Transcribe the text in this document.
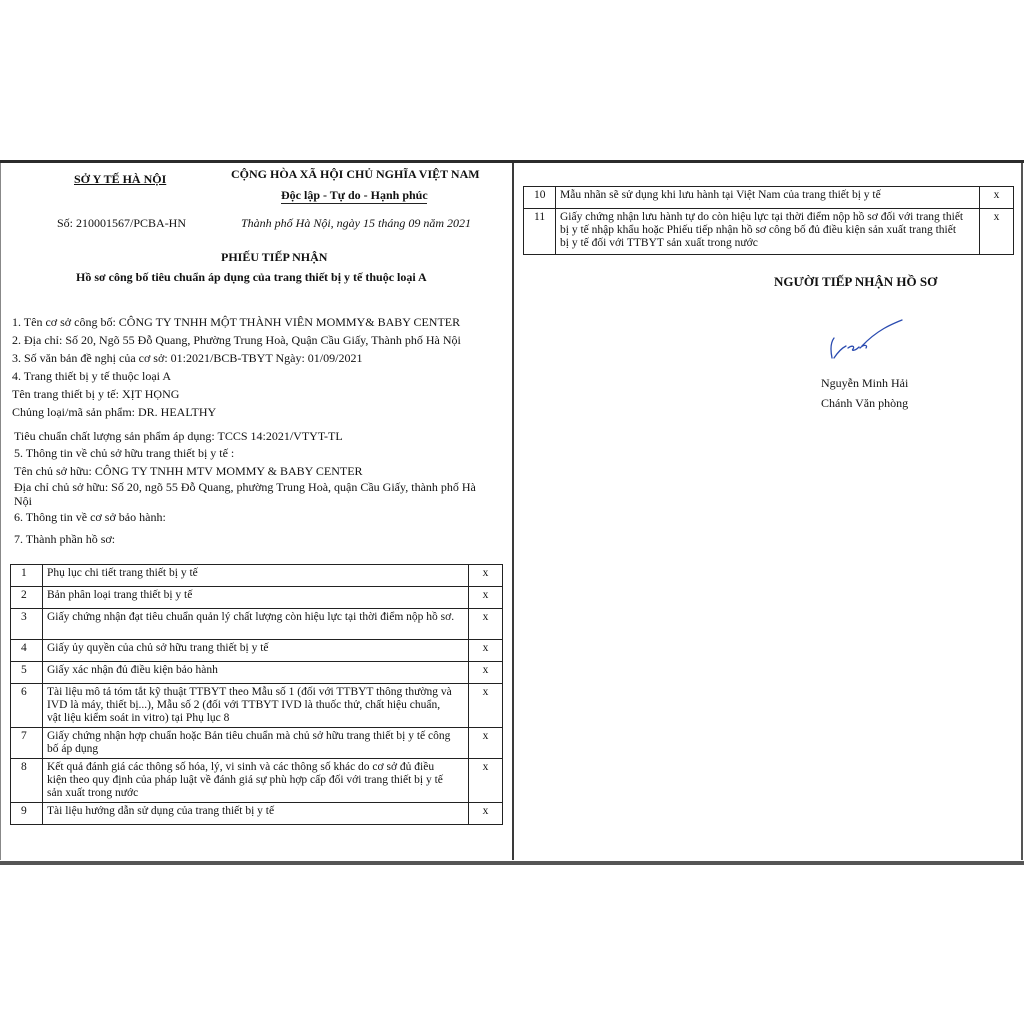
SỞ Y TẾ HÀ NỘI	CỘNG HÒA XÃ HỘI CHỦ NGHĨA VIỆT NAM
Độc lập - Tự do - Hạnh phúc
Số: 210001567/PCBA-HN	Thành phố Hà Nội, ngày 15 tháng 09 năm 2021
PHIẾU TIẾP NHẬN
Hồ sơ công bố tiêu chuẩn áp dụng của trang thiết bị y tế thuộc loại A
1. Tên cơ sở công bố: CÔNG TY TNHH MỘT THÀNH VIÊN MOMMY& BABY CENTER
2. Địa chỉ: Số 20, Ngõ 55 Đỗ Quang, Phường Trung Hoà, Quận Cầu Giấy, Thành phố Hà Nội
3. Số văn bản đề nghị của cơ sở: 01:2021/BCB-TBYT Ngày: 01/09/2021
4. Trang thiết bị y tế thuộc loại A
Tên trang thiết bị y tế: XỊT HỌNG
Chủng loại/mã sản phẩm: DR. HEALTHY
Tiêu chuẩn chất lượng sản phẩm áp dụng: TCCS 14:2021/VTYT-TL
5. Thông tin về chủ sở hữu trang thiết bị y tế :
Tên chủ sở hữu: CÔNG TY TNHH MTV MOMMY & BABY CENTER
Địa chỉ chủ sở hữu: Số 20, ngõ 55 Đỗ Quang, phường Trung Hoà, quận Cầu Giấy, thành phố Hà
Nội
6. Thông tin về cơ sở bảo hành:
7. Thành phần hồ sơ:
1	Phụ lục chi tiết trang thiết bị y tế	x
2	Bản phân loại trang thiết bị y tế	x
3	Giấy chứng nhận đạt tiêu chuẩn quản lý chất lượng còn hiệu lực tại thời điểm nộp hồ sơ.	x
4	Giấy ủy quyền của chủ sở hữu trang thiết bị y tế	x
5	Giấy xác nhận đủ điều kiện bảo hành	x
6	Tài liệu mô tả tóm tắt kỹ thuật TTBYT theo Mẫu số 1 (đối với TTBYT thông thường và
IVD là máy, thiết bị...), Mẫu số 2 (đối với TTBYT IVD là thuốc thử, chất hiệu chuẩn,
vật liệu kiểm soát in vitro) tại Phụ lục 8	x
7	Giấy chứng nhận hợp chuẩn hoặc Bản tiêu chuẩn mà chủ sở hữu trang thiết bị y tế công
bố áp dụng	x
8	Kết quả đánh giá các thông số hóa, lý, vi sinh và các thông số khác do cơ sở đủ điều
kiện theo quy định của pháp luật về đánh giá sự phù hợp cấp đối với trang thiết bị y tế
sản xuất trong nước	x
9	Tài liệu hướng dẫn sử dụng của trang thiết bị y tế	x
10	Mẫu nhãn sẽ sử dụng khi lưu hành tại Việt Nam của trang thiết bị y tế	x
11	Giấy chứng nhận lưu hành tự do còn hiệu lực tại thời điểm nộp hồ sơ đối với trang thiết
bị y tế nhập khẩu hoặc Phiếu tiếp nhận hồ sơ công bố đủ điều kiện sản xuất trang thiết
bị y tế đối với TTBYT sản xuất trong nước	x
NGƯỜI TIẾP NHẬN HỒ SƠ
Nguyễn Minh Hải
Chánh Văn phòng
